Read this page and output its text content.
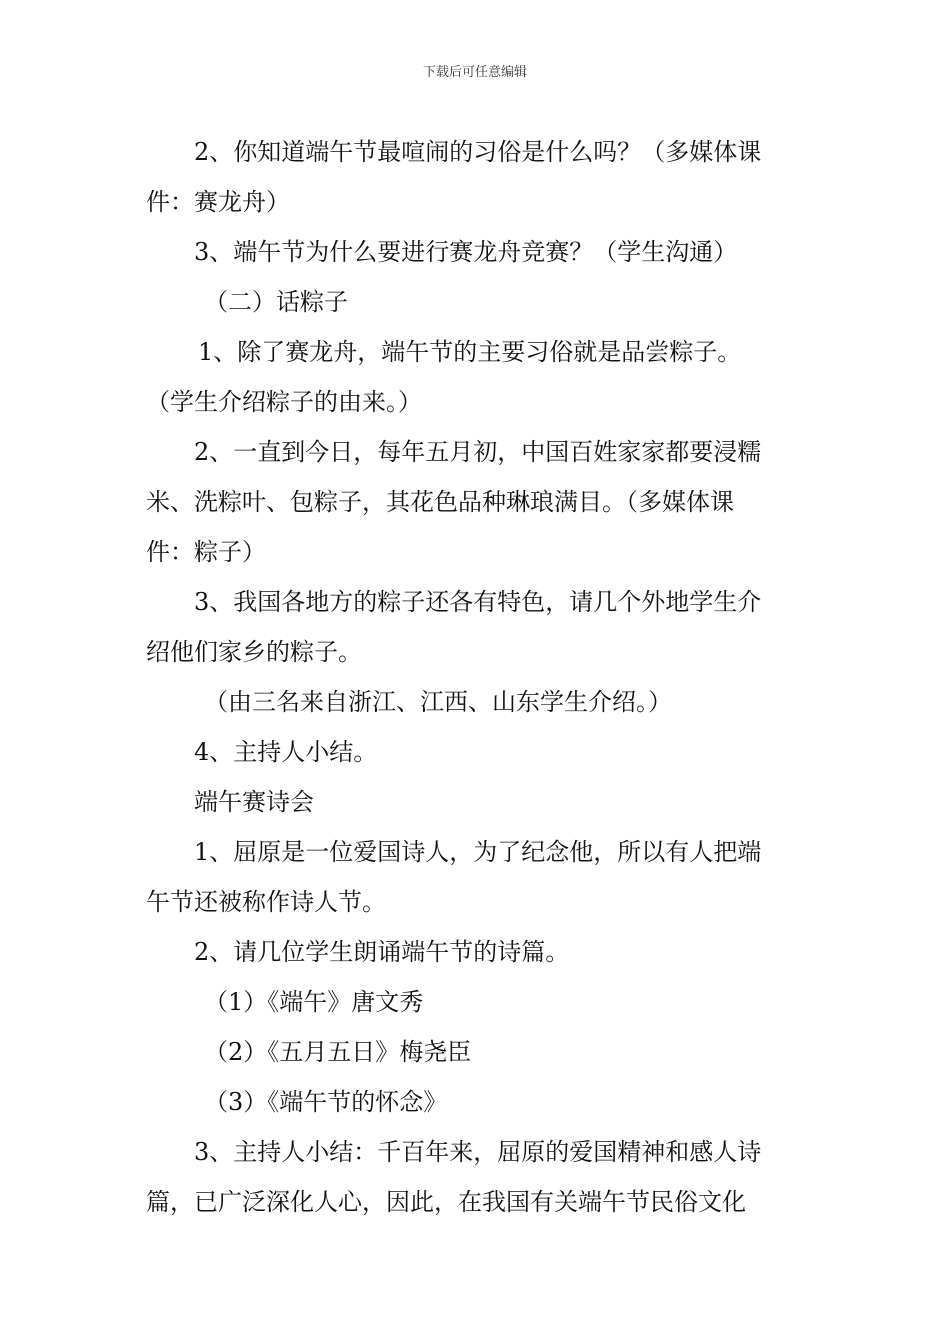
下载后可任意编辑
2、你知道端午节最喧闹的习俗是什么吗？（多媒体课
件：赛龙舟）
3、端午节为什么要进行赛龙舟竞赛？（学生沟通）
（二）话粽子
1、除了赛龙舟，端午节的主要习俗就是品尝粽子。
（学生介绍粽子的由来。）
2、一直到今日，每年五月初，中国百姓家家都要浸糯
米、洗粽叶、包粽子，其花色品种琳琅满目。（多媒体课
件：粽子）
3、我国各地方的粽子还各有特色，请几个外地学生介
绍他们家乡的粽子。
（由三名来自浙江、江西、山东学生介绍。）
4、主持人小结。
端午赛诗会
1、屈原是一位爱国诗人，为了纪念他，所以有人把端
午节还被称作诗人节。
2、请几位学生朗诵端午节的诗篇。
（1）《端午》唐文秀
（2）《五月五日》梅尧臣
（3）《端午节的怀念》
3、主持人小结：千百年来，屈原的爱国精神和感人诗
篇，已广泛深化人心，因此，在我国有关端午节民俗文化
